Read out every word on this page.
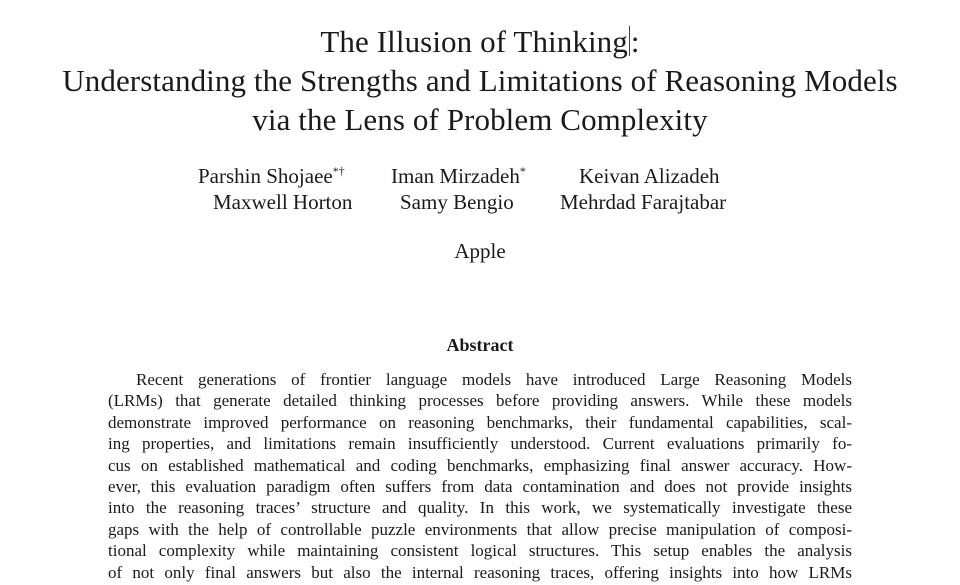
The Illusion of Thinking:
Understanding the Strengths and Limitations of Reasoning Models
via the Lens of Problem Complexity
Parshin Shojaee*† Iman Mirzadeh*	Keivan Alizadeh
Maxwell Horton Samy Bengio Mehrdad Farajtabar
Apple
Abstract
Recent generations of frontier language models have introduced Large Reasoning Models
(LRMs) that generate detailed thinking processes before providing answers. While these models
demonstrate improved performance on reasoning benchmarks, their fundamental capabilities, scal-
ing properties, and limitations remain insufficiently understood. Current evaluations primarily fo-
cus on established mathematical and coding benchmarks, emphasizing final answer accuracy. How-
ever, this evaluation paradigm often suffers from data contamination and does not provide insights
into the reasoning traces’ structure and quality. In this work, we systematically investigate these
gaps with the help of controllable puzzle environments that allow precise manipulation of composi-
tional complexity while maintaining consistent logical structures. This setup enables the analysis
of not only final answers but also the internal reasoning traces, offering insights into how LRMs
